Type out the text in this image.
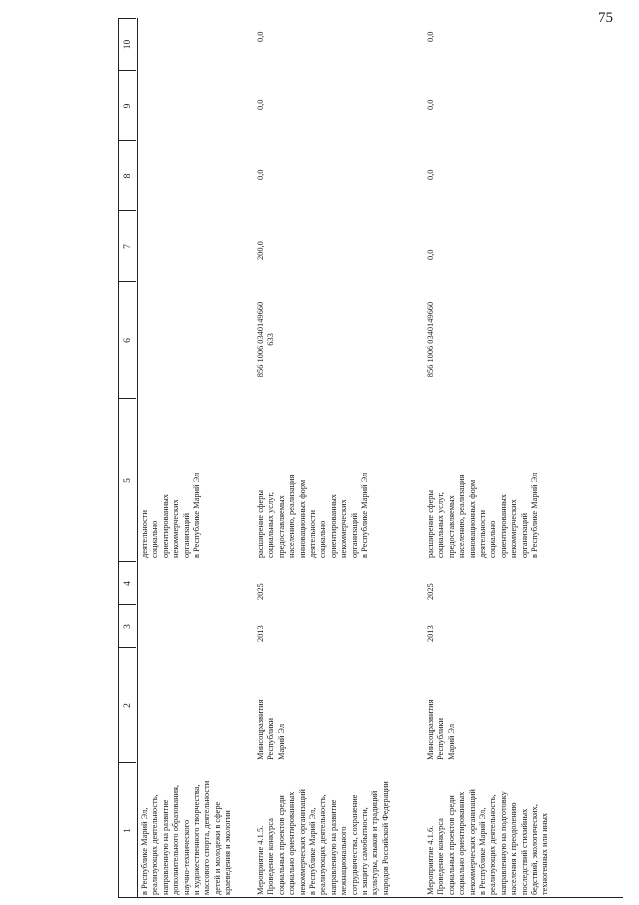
75
1
2
3
4
5
6
7
8
9
10
в Республике Марий Эл,
реализующих деятельность,
направленную на развитие
дополнительного образования,
научно-технического
и художественного творчества,
массового спорта, деятельности
детей и молодежи в сфере
краеведения и экологии
деятельности
социально
ориентированных
некоммерческих
организаций
в Республике Марий Эл
Мероприятие 4.1.5.
Проведение конкурса
социальных проектов среди
социально ориентированных
некоммерческих организаций
в Республике Марий Эл,
реализующих деятельность,
направленную на развитие
межнационального
сотрудничества, сохранение
и защиту самобытности,
культуры, языков и традиций
народов Российской Федерации
Минсоцразвития
Республики
Марий Эл
2013
2025
расширение сферы
социальных услуг,
предоставляемых
населению, реализация
инновационных форм
деятельности
социально
ориентированных
некоммерческих
организаций
в Республике Марий Эл
856 1006 0340149660
633
200,0
0,0
0,0
0,0
Мероприятие 4.1.6.
Проведение конкурса
социальных проектов среди
социально ориентированных
некоммерческих организаций
в Республике Марий Эл,
реализующих деятельность,
направленную на подготовку
населения к преодолению
последствий стихийных
бедствий, экологических,
техногенных или иных
Минсоцразвития
Республики
Марий Эл
2013
2025
расширение сферы
социальных услуг,
предоставляемых
населению, реализация
инновационных форм
деятельности
социально
ориентированных
некоммерческих
организаций
в Республике Марий Эл
856 1006 0340149660
0,0
0,0
0,0
0,0
